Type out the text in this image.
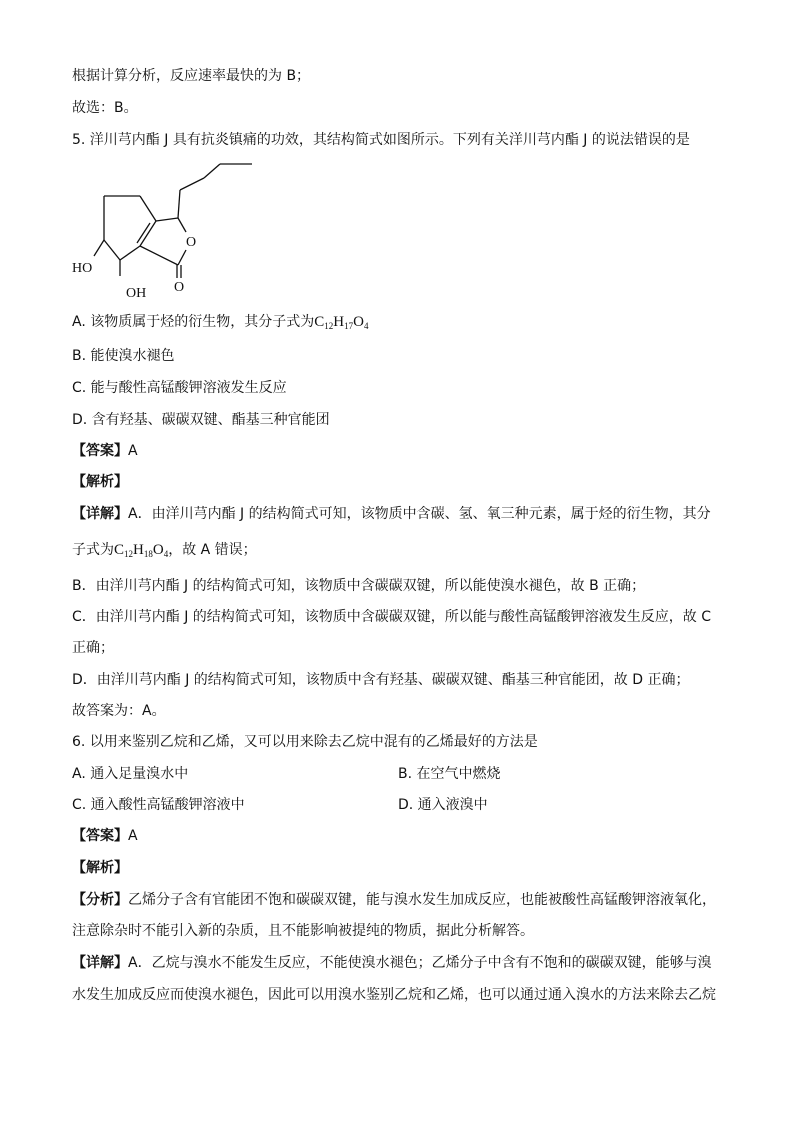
根据计算分析，反应速率最快的为 B；
故选：B。
5. 洋川芎内酯 J 具有抗炎镇痛的功效，其结构简式如图所示。下列有关洋川芎内酯 J 的说法错误的是
O
O
HO
OH
A. 该物质属于烃的衍生物，其分子式为$C_{12}H_{17}O_4$
B. 能使溴水褪色
C. 能与酸性高锰酸钾溶液发生反应
D. 含有羟基、碳碳双键、酯基三种官能团
【答案】A
【解析】
【详解】A．由洋川芎内酯 J 的结构简式可知，该物质中含碳、氢、氧三种元素，属于烃的衍生物，其分
子式为$C_{12}H_{18}O_4$，故 A 错误；
B．由洋川芎内酯 J 的结构简式可知，该物质中含碳碳双键，所以能使溴水褪色，故 B 正确；
C．由洋川芎内酯 J 的结构简式可知，该物质中含碳碳双键，所以能与酸性高锰酸钾溶液发生反应，故 C
正确；
D．由洋川芎内酯 J 的结构简式可知，该物质中含有羟基、碳碳双键、酯基三种官能团，故 D 正确；
故答案为：A。
6. 以用来鉴别乙烷和乙烯，又可以用来除去乙烷中混有的乙烯最好的方法是
A. 通入足量溴水中	B. 在空气中燃烧
C. 通入酸性高锰酸钾溶液中	D. 通入液溴中
【答案】A
【解析】
【分析】乙烯分子含有官能团不饱和碳碳双键，能与溴水发生加成反应，也能被酸性高锰酸钾溶液氧化，
注意除杂时不能引入新的杂质，且不能影响被提纯的物质，据此分析解答。
【详解】A．乙烷与溴水不能发生反应，不能使溴水褪色；乙烯分子中含有不饱和的碳碳双键，能够与溴
水发生加成反应而使溴水褪色，因此可以用溴水鉴别乙烷和乙烯，也可以通过通入溴水的方法来除去乙烷
